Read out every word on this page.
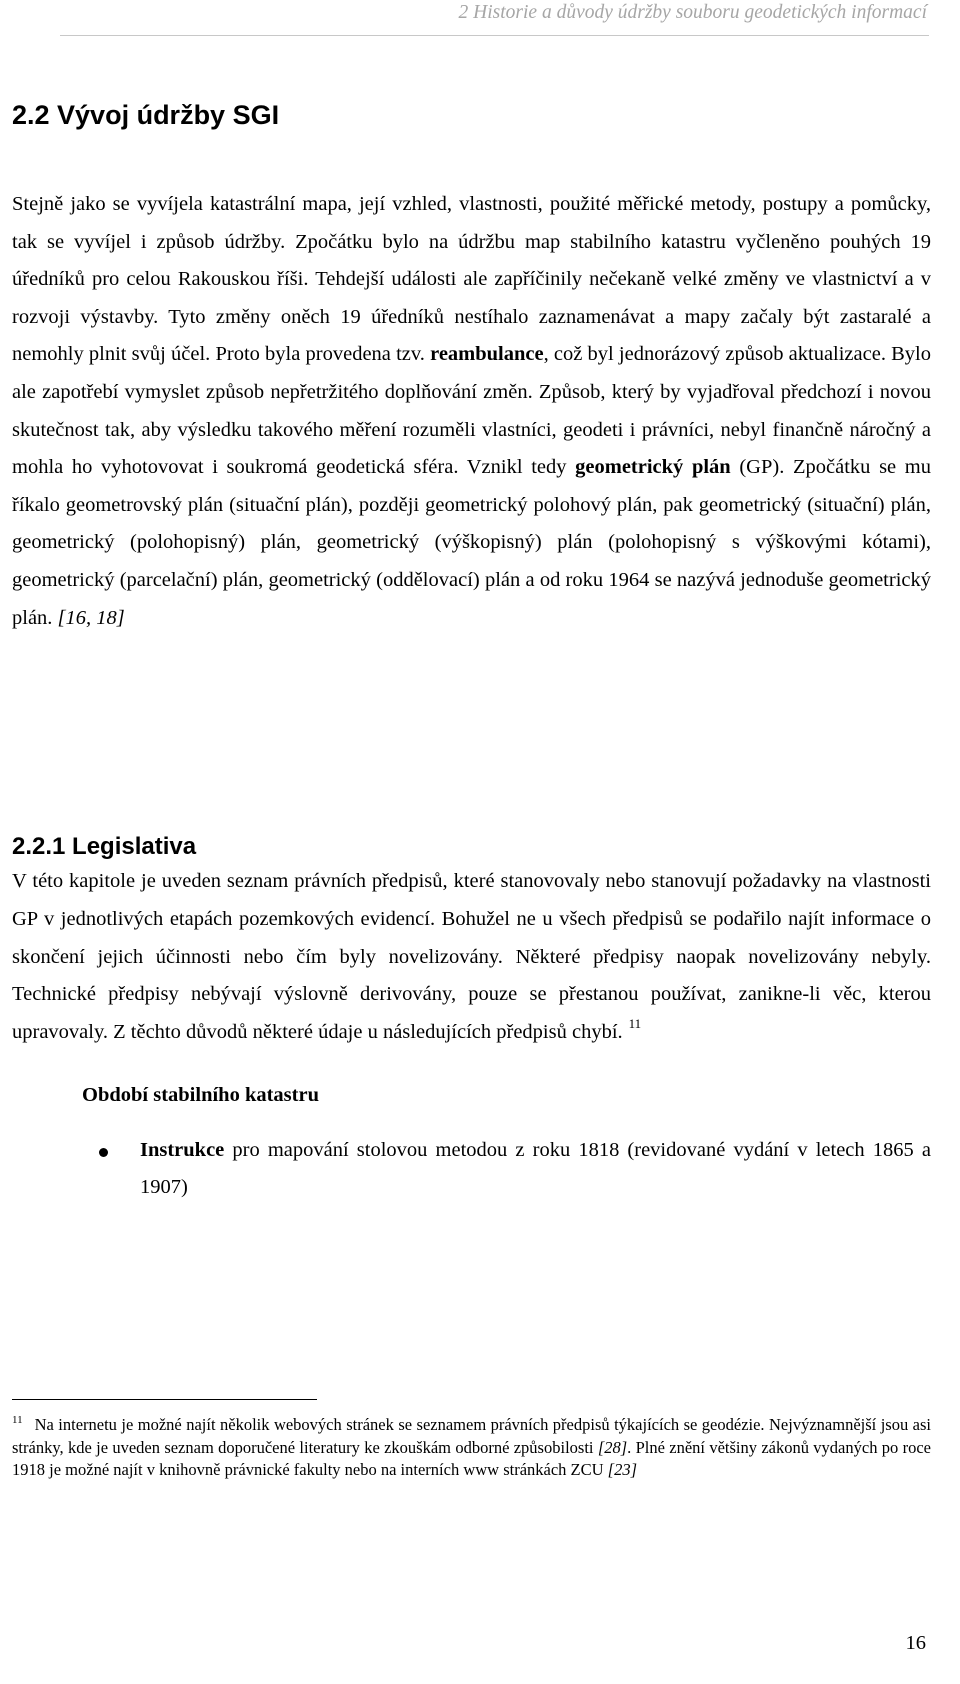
2 Historie a důvody údržby souboru geodetických informací
2.2 Vývoj údržby SGI

Stejně jako se vyvíjela katastrální mapa, její vzhled, vlastnosti, použité měřické metody, postupy a pomůcky, tak se vyvíjel i způsob údržby. Zpočátku bylo na údržbu map stabilního katastru vyčleněno pouhých 19 úředníků pro celou Rakouskou říši. Tehdejší události ale zapříčinily nečekaně velké změny ve vlastnictví a v rozvoji výstavby. Tyto změny oněch 19 úředníků nestíhalo zaznamenávat a mapy začaly být zastaralé a nemohly plnit svůj účel. Proto byla provedena tzv. reambulance, což byl jednorázový způsob aktualizace. Bylo ale zapotřebí vymyslet způsob nepřetržitého doplňování změn. Způsob, který by vyjadřoval předchozí i novou skutečnost tak, aby výsledku takového měření rozuměli vlastníci, geodeti i právníci, nebyl finančně náročný a mohla ho vyhotovovat i soukromá geodetická sféra. Vznikl tedy geometrický plán (GP). Zpočátku se mu říkalo geometrovský plán (situační plán), později geometrický polohový plán, pak geometrický (situační) plán, geometrický (polohopisný) plán, geometrický (výškopisný) plán (polohopisný s výškovými kótami), geometrický (parcelační) plán, geometrický (oddělovací) plán a od roku 1964 se nazývá jednoduše geometrický plán. [16, 18]

2.2.1 Legislativa

V této kapitole je uveden seznam právních předpisů, které stanovovaly nebo stanovují požadavky na vlastnosti GP v jednotlivých etapách pozemkových evidencí. Bohužel ne u všech předpisů se podařilo najít informace o skončení jejich účinnosti nebo čím byly novelizovány. Některé předpisy naopak novelizovány nebyly. Technické předpisy nebývají výslovně derivovány, pouze se přestanou používat, zanikne-li věc, kterou upravovaly. Z těchto důvodů některé údaje u následujících předpisů chybí. $^{11}$

Období stabilního katastru

Instrukce pro mapování stolovou metodou z roku 1818 (revidované vydání v letech 1865 a 1907)

$^{11}$ Na internetu je možné najít několik webových stránek se seznamem právních předpisů týkajících se geodézie. Nejvýznamnější jsou asi stránky, kde je uveden seznam doporučené literatury ke zkouškám odborné způsobilosti [28]. Plné znění většiny zákonů vydaných po roce 1918 je možné najít v knihovně právnické fakulty nebo na interních www stránkách ZCU [23]

16
